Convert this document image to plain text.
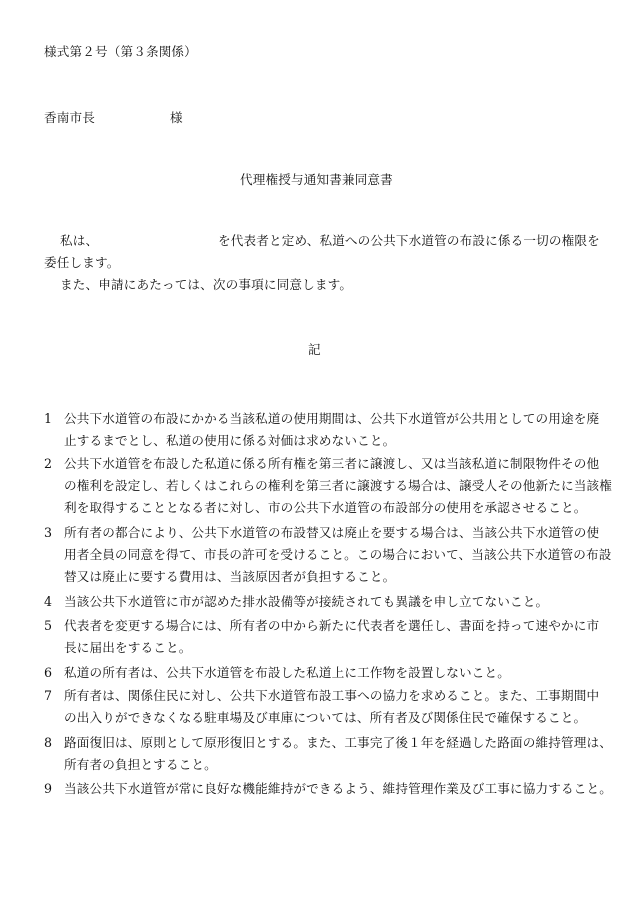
様式第２号（第３条関係）
香南市長	様
代理権授与通知書兼同意書
私は、	を代表者と定め、私道への公共下水道管の布設に係る一切の権限を
委任します。
また、申請にあたっては、次の事項に同意します。
記
1 公共下水道管の布設にかかる当該私道の使用期間は、公共下水道管が公共用としての用途を廃
止するまでとし、私道の使用に係る対価は求めないこと。
2 公共下水道管を布設した私道に係る所有権を第三者に譲渡し、又は当該私道に制限物件その他
の権利を設定し、若しくはこれらの権利を第三者に譲渡する場合は、譲受人その他新たに当該権
利を取得することとなる者に対し、市の公共下水道管の布設部分の使用を承認させること。
3 所有者の都合により、公共下水道管の布設替又は廃止を要する場合は、当該公共下水道管の使
用者全員の同意を得て、市長の許可を受けること。この場合において、当該公共下水道管の布設
替又は廃止に要する費用は、当該原因者が負担すること。
4 当該公共下水道管に市が認めた排水設備等が接続されても異議を申し立てないこと。
5 代表者を変更する場合には、所有者の中から新たに代表者を選任し、書面を持って速やかに市
長に届出をすること。
6 私道の所有者は、公共下水道管を布設した私道上に工作物を設置しないこと。
7 所有者は、関係住民に対し、公共下水道管布設工事への協力を求めること。また、工事期間中
の出入りができなくなる駐車場及び車庫については、所有者及び関係住民で確保すること。
8 路面復旧は、原則として原形復旧とする。また、工事完了後１年を経過した路面の維持管理は、
所有者の負担とすること。
9 当該公共下水道管が常に良好な機能維持ができるよう、維持管理作業及び工事に協力すること。
